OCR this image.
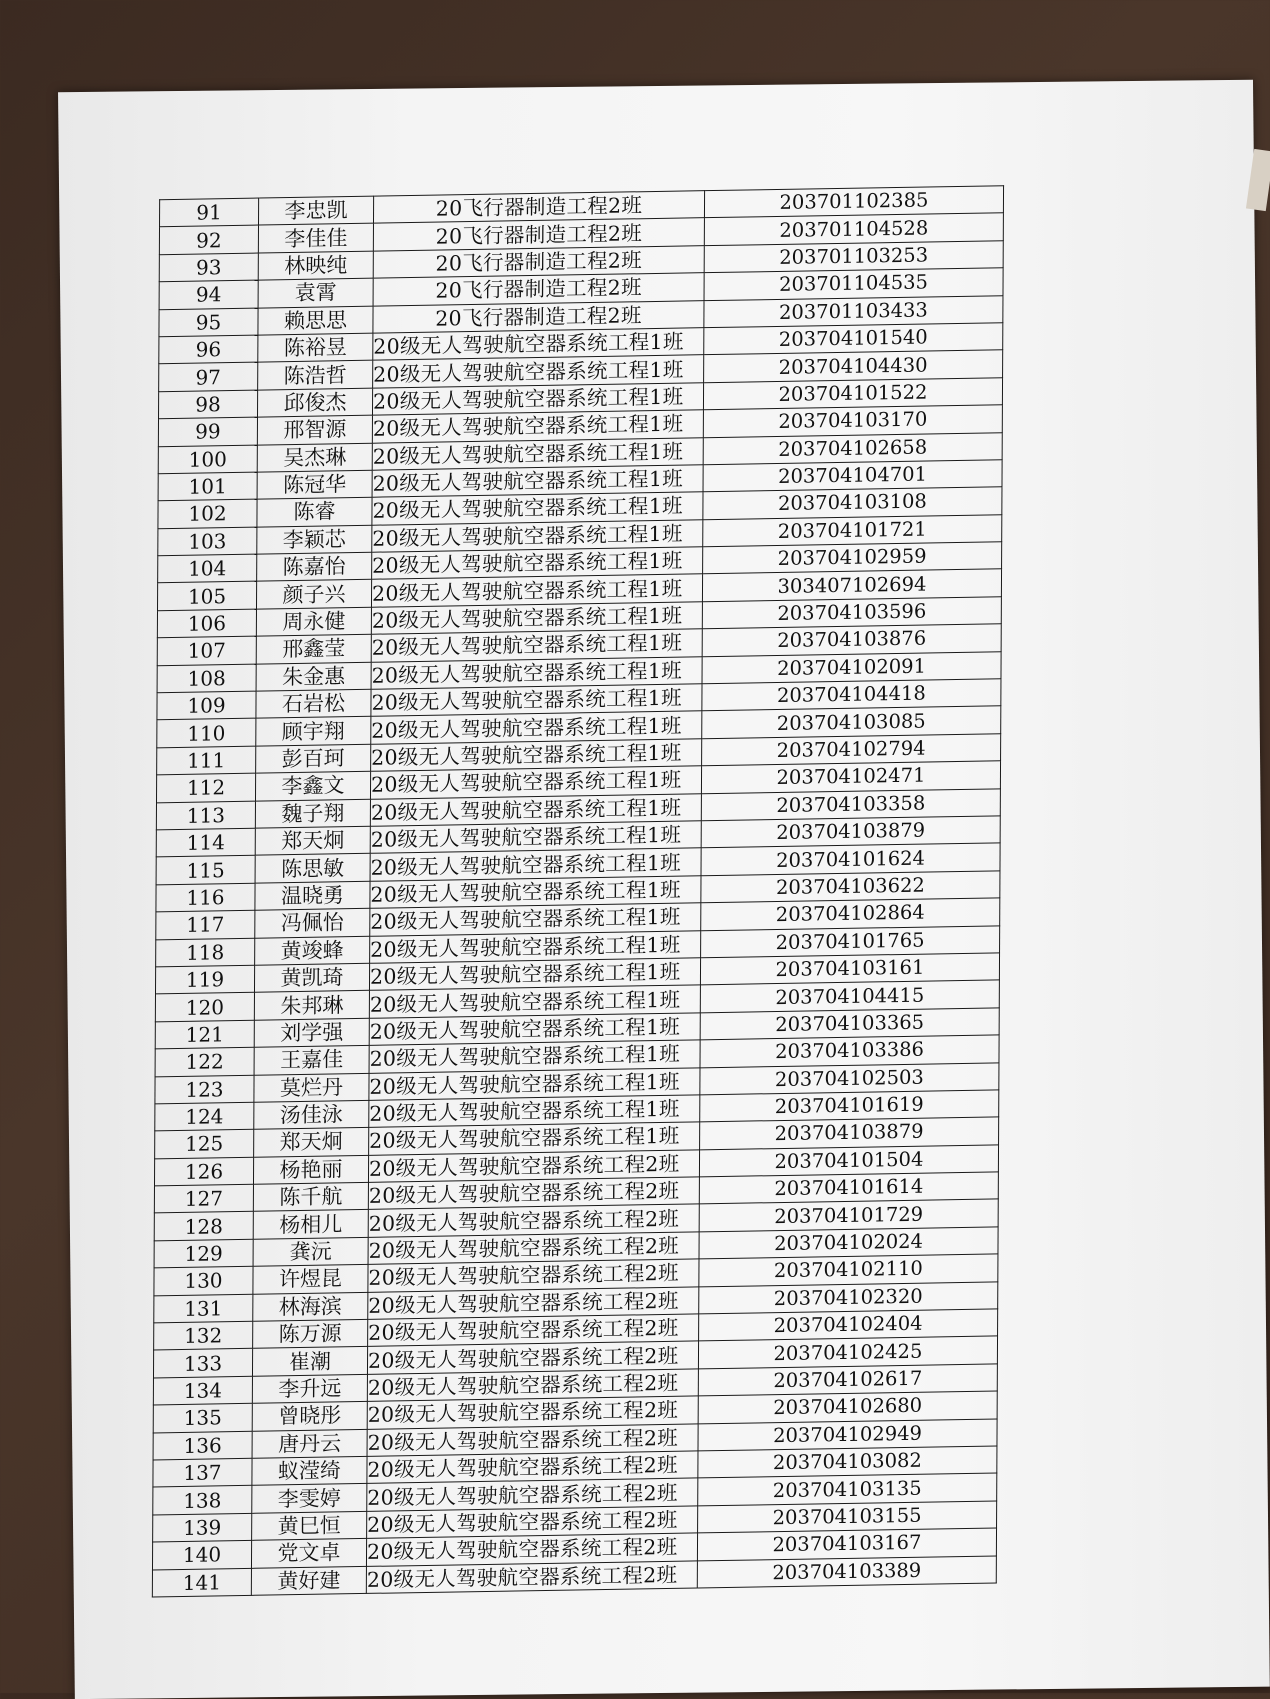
91	李忠凯	20飞行器制造工程2班	203701102385
92	李佳佳	20飞行器制造工程2班	203701104528
93	林映纯	20飞行器制造工程2班	203701103253
94	袁霄	20飞行器制造工程2班	203701104535
95	赖思思	20飞行器制造工程2班	203701103433
96	陈裕昱	20级无人驾驶航空器系统工程1班	203704101540
97	陈浩哲	20级无人驾驶航空器系统工程1班	203704104430
98	邱俊杰	20级无人驾驶航空器系统工程1班	203704101522
99	邢智源	20级无人驾驶航空器系统工程1班	203704103170
100	吴杰琳	20级无人驾驶航空器系统工程1班	203704102658
101	陈冠华	20级无人驾驶航空器系统工程1班	203704104701
102	陈睿	20级无人驾驶航空器系统工程1班	203704103108
103	李颖芯	20级无人驾驶航空器系统工程1班	203704101721
104	陈嘉怡	20级无人驾驶航空器系统工程1班	203704102959
105	颜子兴	20级无人驾驶航空器系统工程1班	303407102694
106	周永健	20级无人驾驶航空器系统工程1班	203704103596
107	邢鑫莹	20级无人驾驶航空器系统工程1班	203704103876
108	朱金惠	20级无人驾驶航空器系统工程1班	203704102091
109	石岩松	20级无人驾驶航空器系统工程1班	203704104418
110	顾宇翔	20级无人驾驶航空器系统工程1班	203704103085
111	彭百珂	20级无人驾驶航空器系统工程1班	203704102794
112	李鑫文	20级无人驾驶航空器系统工程1班	203704102471
113	魏子翔	20级无人驾驶航空器系统工程1班	203704103358
114	郑天炯	20级无人驾驶航空器系统工程1班	203704103879
115	陈思敏	20级无人驾驶航空器系统工程1班	203704101624
116	温晓勇	20级无人驾驶航空器系统工程1班	203704103622
117	冯佩怡	20级无人驾驶航空器系统工程1班	203704102864
118	黄竣蜂	20级无人驾驶航空器系统工程1班	203704101765
119	黄凯琦	20级无人驾驶航空器系统工程1班	203704103161
120	朱邦琳	20级无人驾驶航空器系统工程1班	203704104415
121	刘学强	20级无人驾驶航空器系统工程1班	203704103365
122	王嘉佳	20级无人驾驶航空器系统工程1班	203704103386
123	莫烂丹	20级无人驾驶航空器系统工程1班	203704102503
124	汤佳泳	20级无人驾驶航空器系统工程1班	203704101619
125	郑天炯	20级无人驾驶航空器系统工程1班	203704103879
126	杨艳丽	20级无人驾驶航空器系统工程2班	203704101504
127	陈千航	20级无人驾驶航空器系统工程2班	203704101614
128	杨相儿	20级无人驾驶航空器系统工程2班	203704101729
129	龚沅	20级无人驾驶航空器系统工程2班	203704102024
130	许煜昆	20级无人驾驶航空器系统工程2班	203704102110
131	林海滨	20级无人驾驶航空器系统工程2班	203704102320
132	陈万源	20级无人驾驶航空器系统工程2班	203704102404
133	崔潮	20级无人驾驶航空器系统工程2班	203704102425
134	李升远	20级无人驾驶航空器系统工程2班	203704102617
135	曾晓彤	20级无人驾驶航空器系统工程2班	203704102680
136	唐丹云	20级无人驾驶航空器系统工程2班	203704102949
137	蚁滢绮	20级无人驾驶航空器系统工程2班	203704103082
138	李雯婷	20级无人驾驶航空器系统工程2班	203704103135
139	黄巳恒	20级无人驾驶航空器系统工程2班	203704103155
140	党文卓	20级无人驾驶航空器系统工程2班	203704103167
141	黄好建	20级无人驾驶航空器系统工程2班	203704103389
